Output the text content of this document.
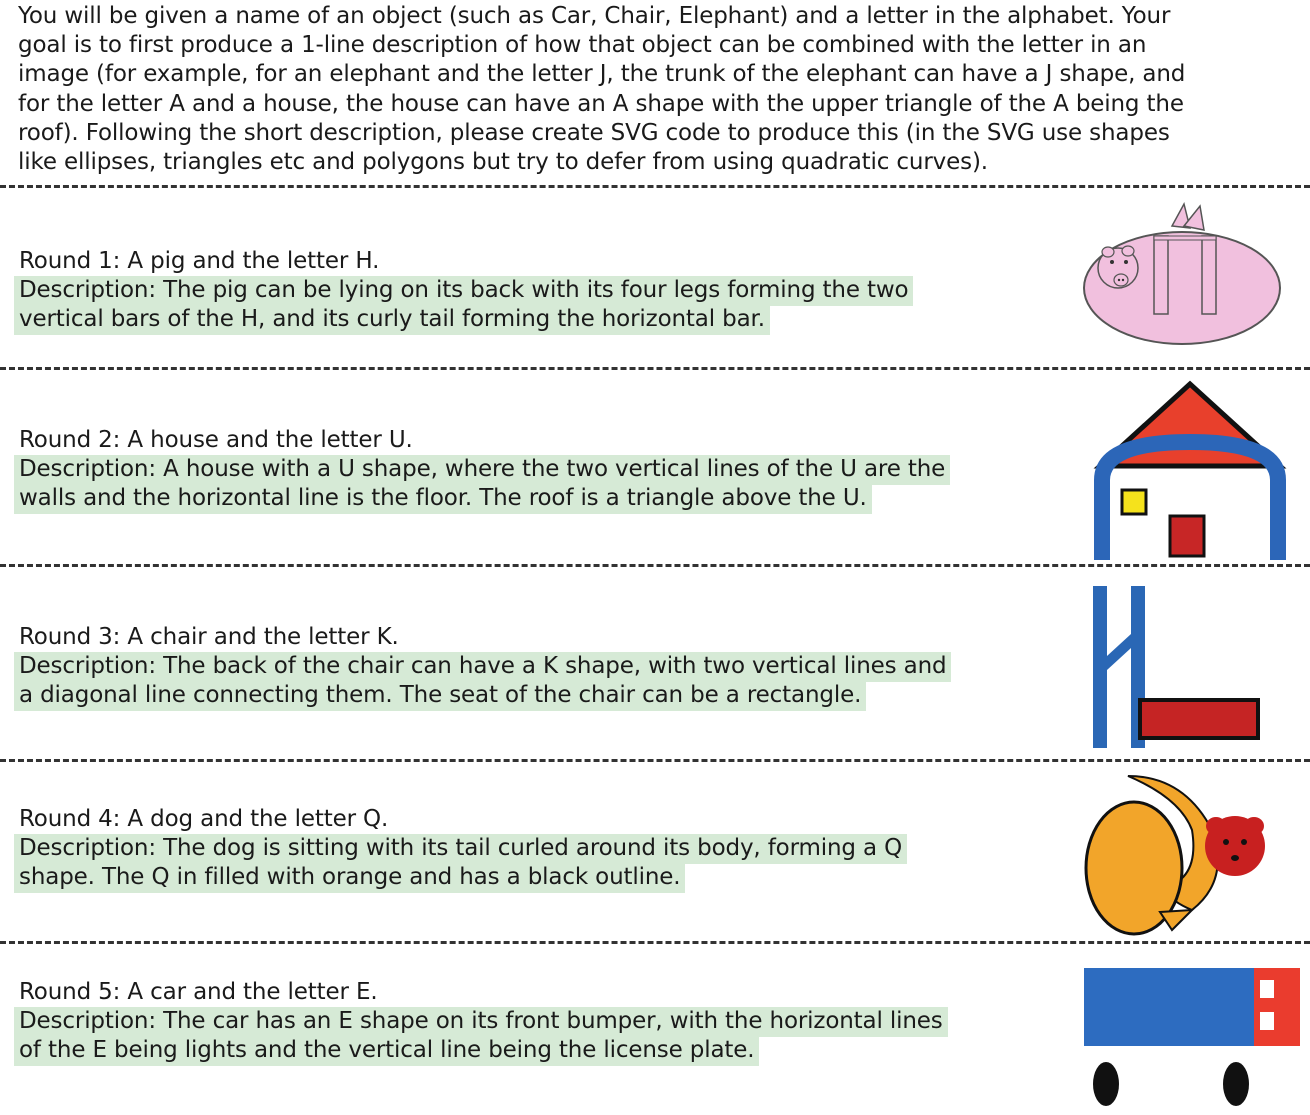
You will be given a name of an object (such as Car, Chair, Elephant) and a letter in the alphabet. Your
goal is to first produce a 1-line description of how that object can be combined with the letter in an
image (for example, for an elephant and the letter J, the trunk of the elephant can have a J shape, and
for the letter A and a house, the house can have an A shape with the upper triangle of the A being the
roof). Following the short description, please create SVG code to produce this (in the SVG use shapes
like ellipses, triangles etc and polygons but try to defer from using quadratic curves).
Round 1: A pig and the letter H.
Description: The pig can be lying on its back with its four legs forming the two
vertical bars of the H, and its curly tail forming the horizontal bar.
Round 2: A house and the letter U.
Description: A house with a U shape, where the two vertical lines of the U are the
walls and the horizontal line is the floor. The roof is a triangle above the U.
Round 3: A chair and the letter K.
Description: The back of the chair can have a K shape, with two vertical lines and
a diagonal line connecting them. The seat of the chair can be a rectangle.
Round 4: A dog and the letter Q.
Description: The dog is sitting with its tail curled around its body, forming a Q
shape. The Q in filled with orange and has a black outline.
Round 5: A car and the letter E.
Description: The car has an E shape on its front bumper, with the horizontal lines
of the E being lights and the vertical line being the license plate.
